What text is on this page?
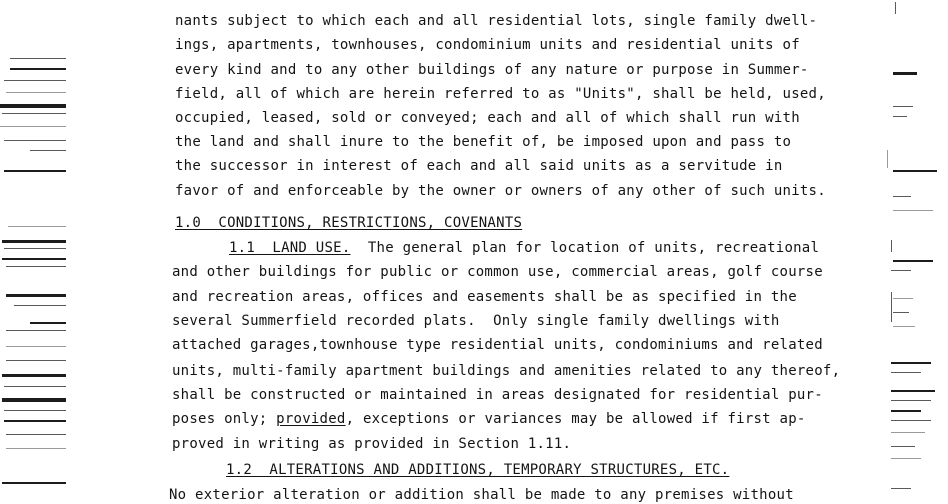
nants subject to which each and all residential lots, single family dwell-
ings, apartments, townhouses, condominium units and residential units of
every kind and to any other buildings of any nature or purpose in Summer-
field, all of which are herein referred to as "Units", shall be held, used,
occupied, leased, sold or conveyed; each and all of which shall run with
the land and shall inure to the benefit of, be imposed upon and pass to
the successor in interest of each and all said units as a servitude in
favor of and enforceable by the owner or owners of any other of such units.
1.0  CONDITIONS, RESTRICTIONS, COVENANTS
1.1  LAND USE.  The general plan for location of units, recreational
and other buildings for public or common use, commercial areas, golf course
and recreation areas, offices and easements shall be as specified in the
several Summerfield recorded plats.  Only single family dwellings with
attached garages,townhouse type residential units, condominiums and related
units, multi-family apartment buildings and amenities related to any thereof,
shall be constructed or maintained in areas designated for residential pur-
poses only; provided, exceptions or variances may be allowed if first ap-
proved in writing as provided in Section 1.11.
1.2  ALTERATIONS AND ADDITIONS, TEMPORARY STRUCTURES, ETC.
No exterior alteration or addition shall be made to any premises without
